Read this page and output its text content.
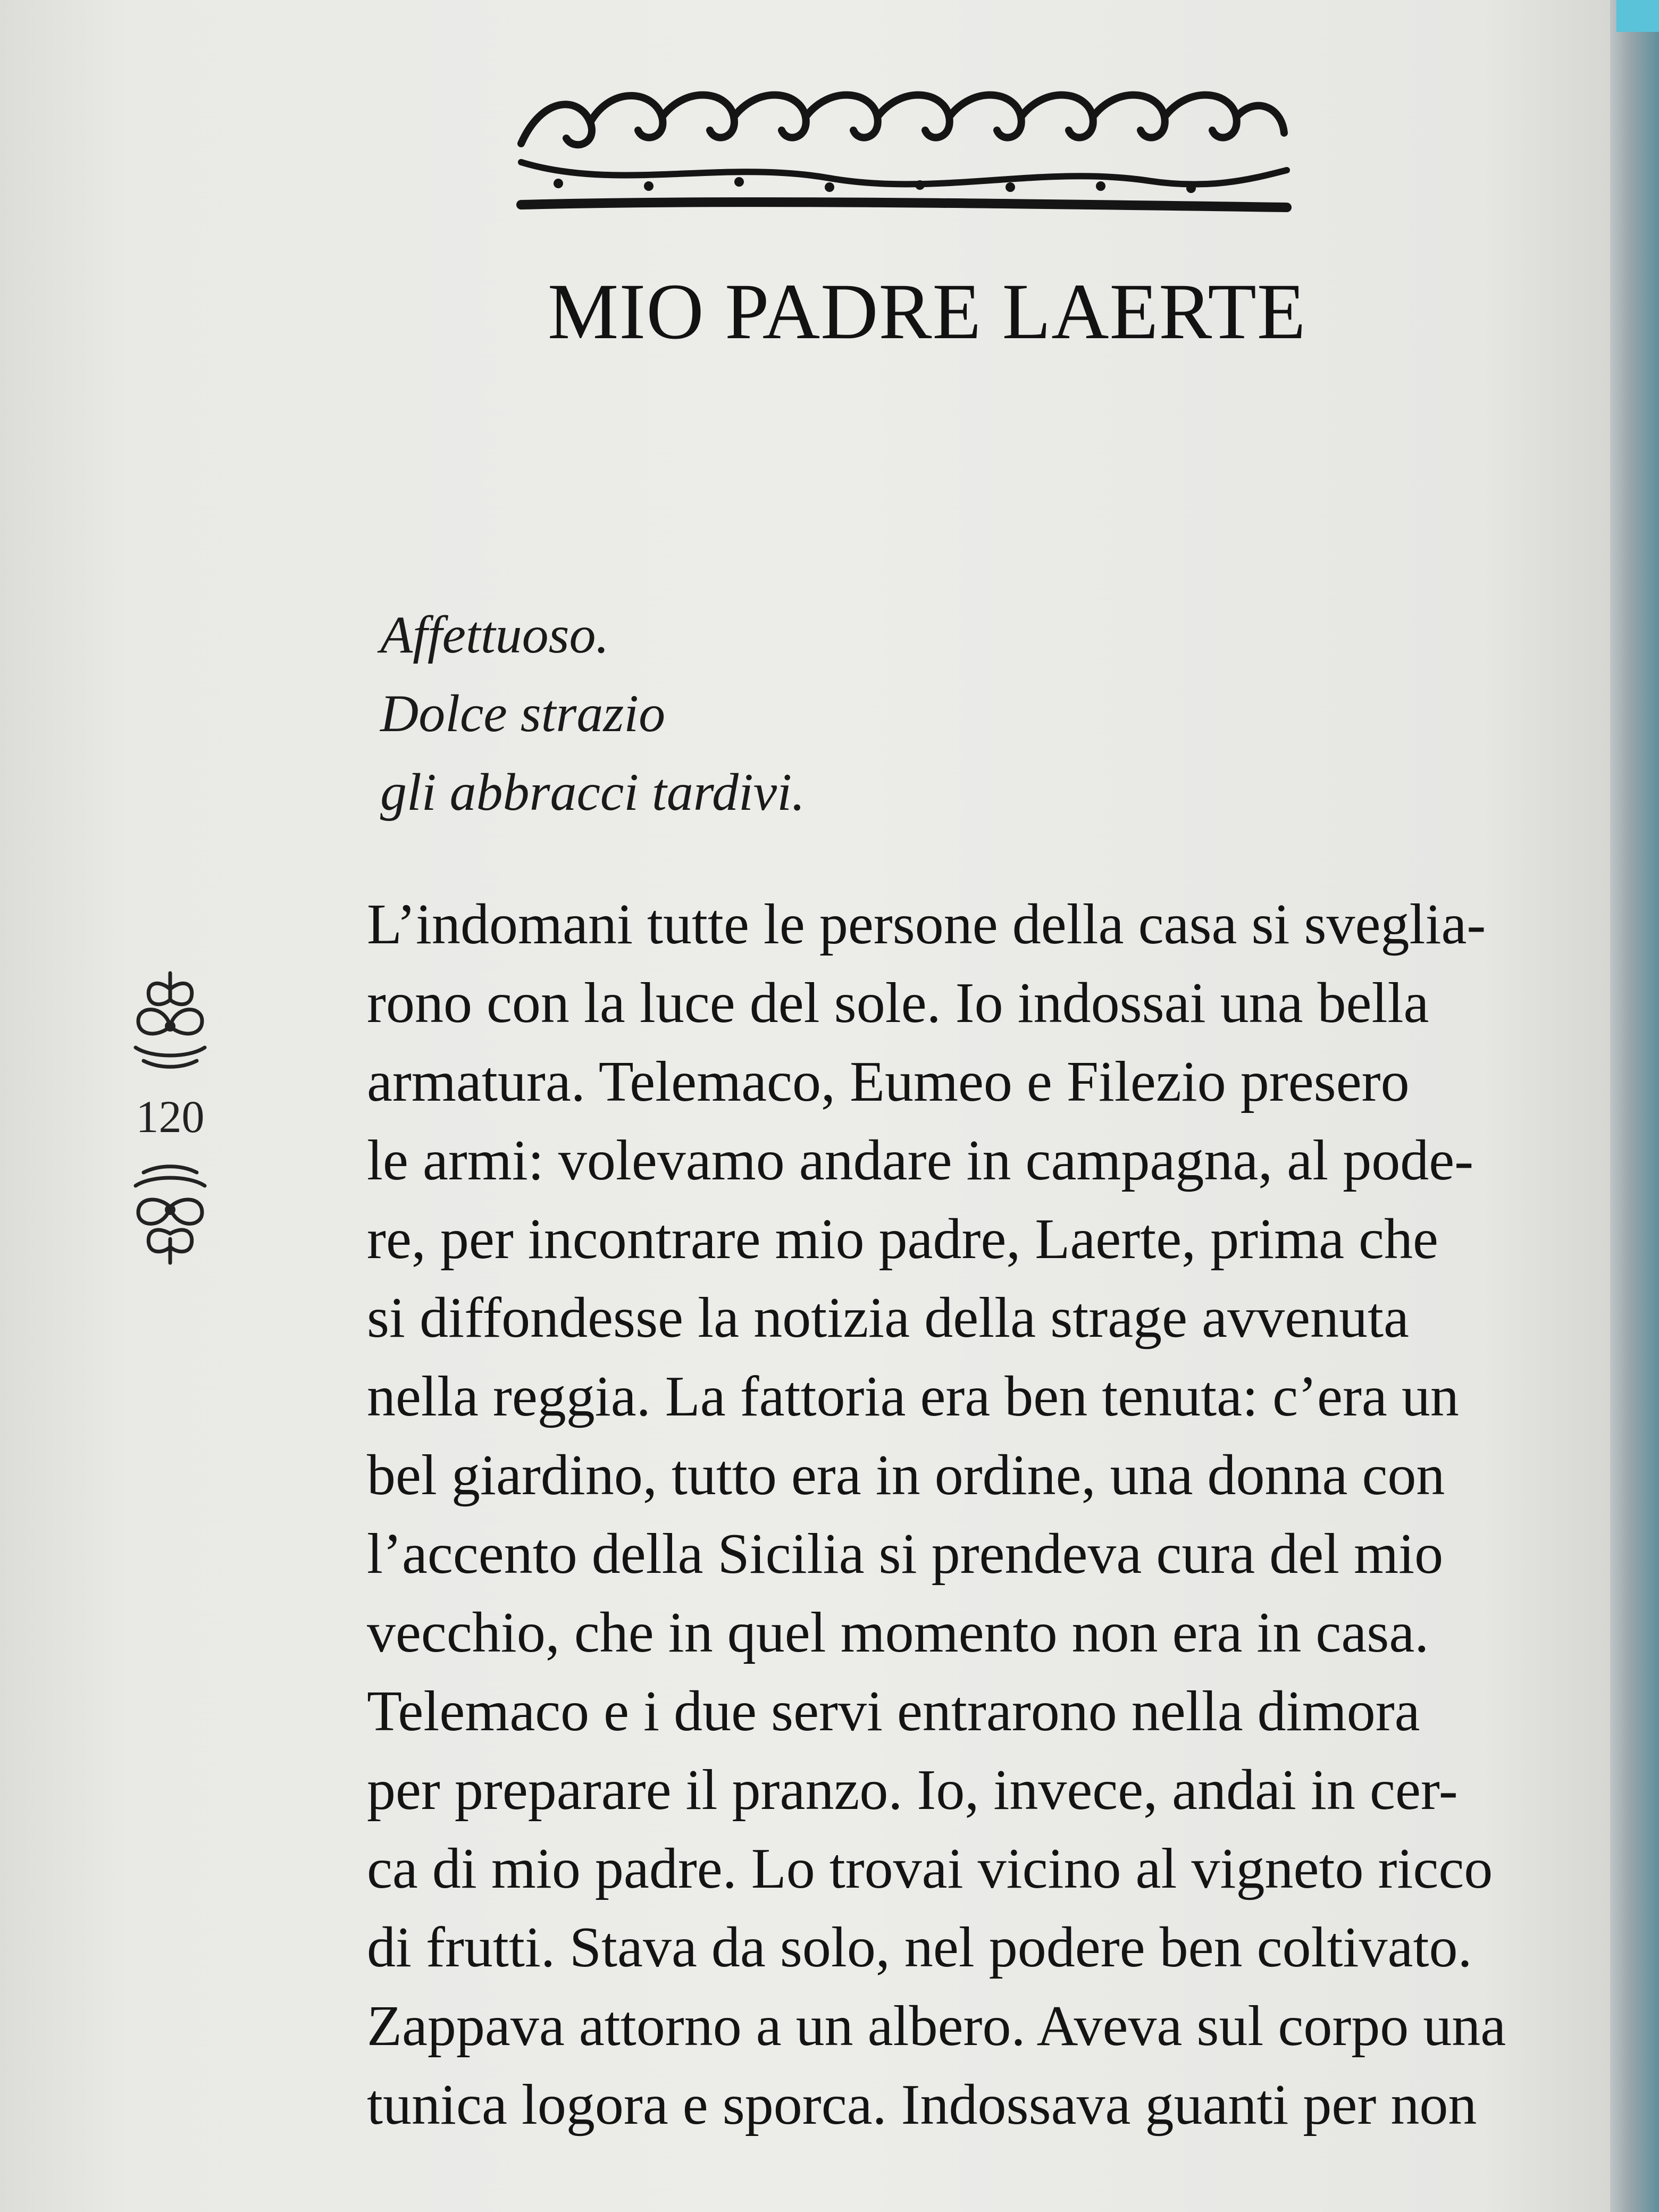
MIO PADRE LAERTE
Affettuoso.
Dolce strazio
gli abbracci tardivi.
120
L’indomani tutte le persone della casa si sveglia-
rono con la luce del sole. Io indossai una bella
armatura. Telemaco, Eumeo e Filezio presero
le armi: volevamo andare in campagna, al pode-
re, per incontrare mio padre, Laerte, prima che
si diffondesse la notizia della strage avvenuta
nella reggia. La fattoria era ben tenuta: c’era un
bel giardino, tutto era in ordine, una donna con
l’accento della Sicilia si prendeva cura del mio
vecchio, che in quel momento non era in casa.
Telemaco e i due servi entrarono nella dimora
per preparare il pranzo. Io, invece, andai in cer-
ca di mio padre. Lo trovai vicino al vigneto ricco
di frutti. Stava da solo, nel podere ben coltivato.
Zappava attorno a un albero. Aveva sul corpo una
tunica logora e sporca. Indossava guanti per non
